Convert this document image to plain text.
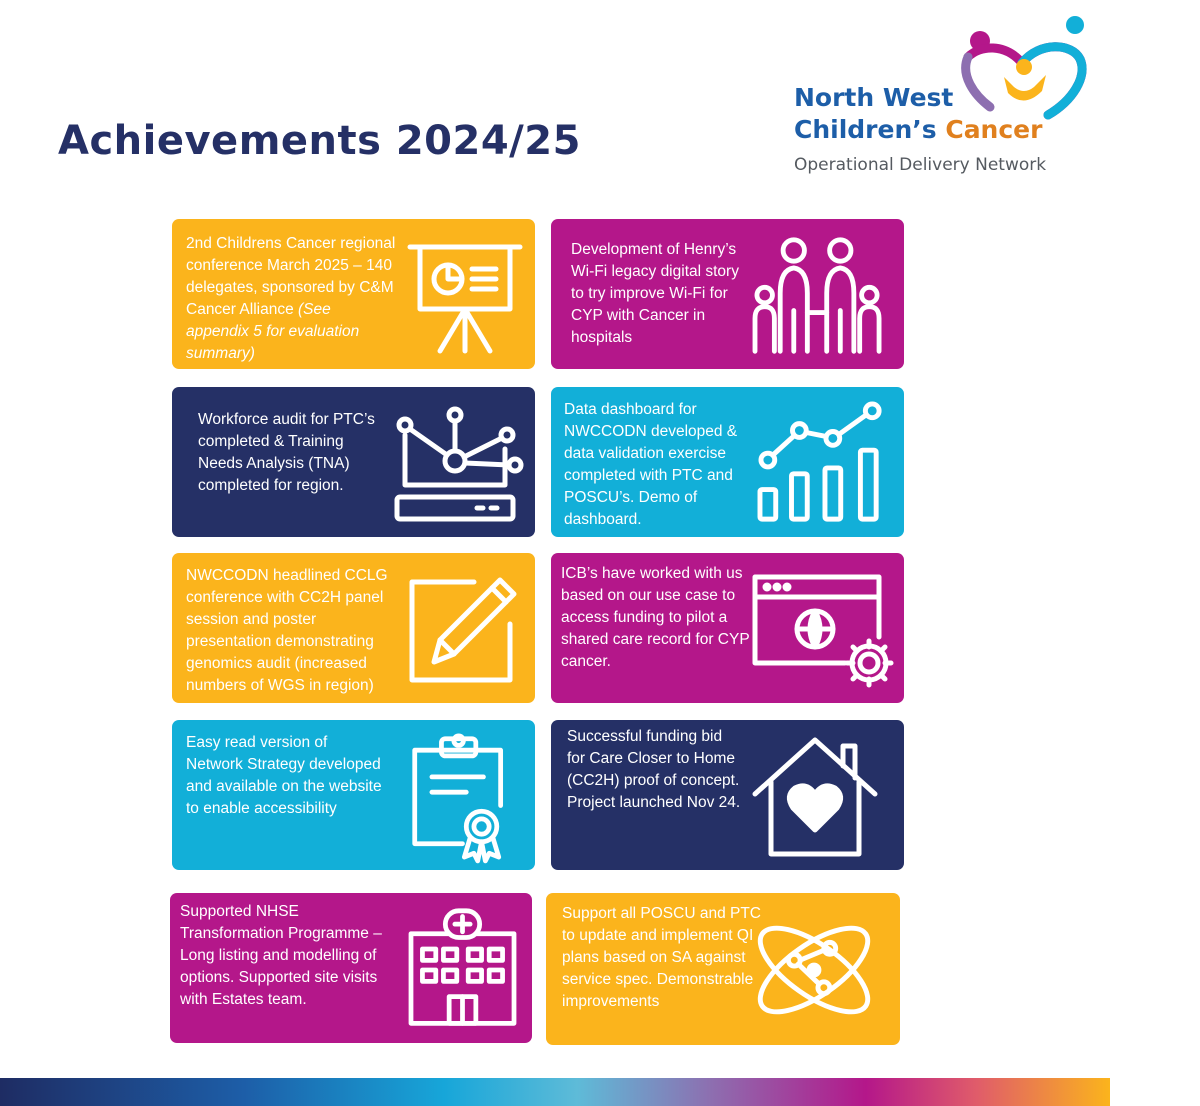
Achievements 2024/25
North West
Children’s Cancer
Operational Delivery Network
2nd Childrens Cancer regional conference March 2025 – 140 delegates, sponsored by C&M Cancer Alliance (See appendix 5 for evaluation summary)
Development of Henry’s Wi-Fi legacy digital story to try improve Wi-Fi for CYP with Cancer in hospitals
Workforce audit for PTC’s completed & Training Needs Analysis (TNA) completed for region.
Data dashboard for NWCCODN developed & data validation exercise completed with PTC and POSCU’s. Demo of dashboard.
NWCCODN headlined CCLG conference with CC2H panel session and poster presentation demonstrating genomics audit (increased numbers of WGS in region)
ICB’s have worked with us based on our use case to access funding to pilot a shared care record for CYP cancer.
Easy read version of Network Strategy developed and available on the website to enable accessibility
Successful funding bid for Care Closer to Home (CC2H) proof of concept. Project launched Nov 24.
Supported NHSE Transformation Programme – Long listing and modelling of options. Supported site visits with Estates team.
Support all POSCU and PTC to update and implement QI plans based on SA against service spec. Demonstrable improvements
